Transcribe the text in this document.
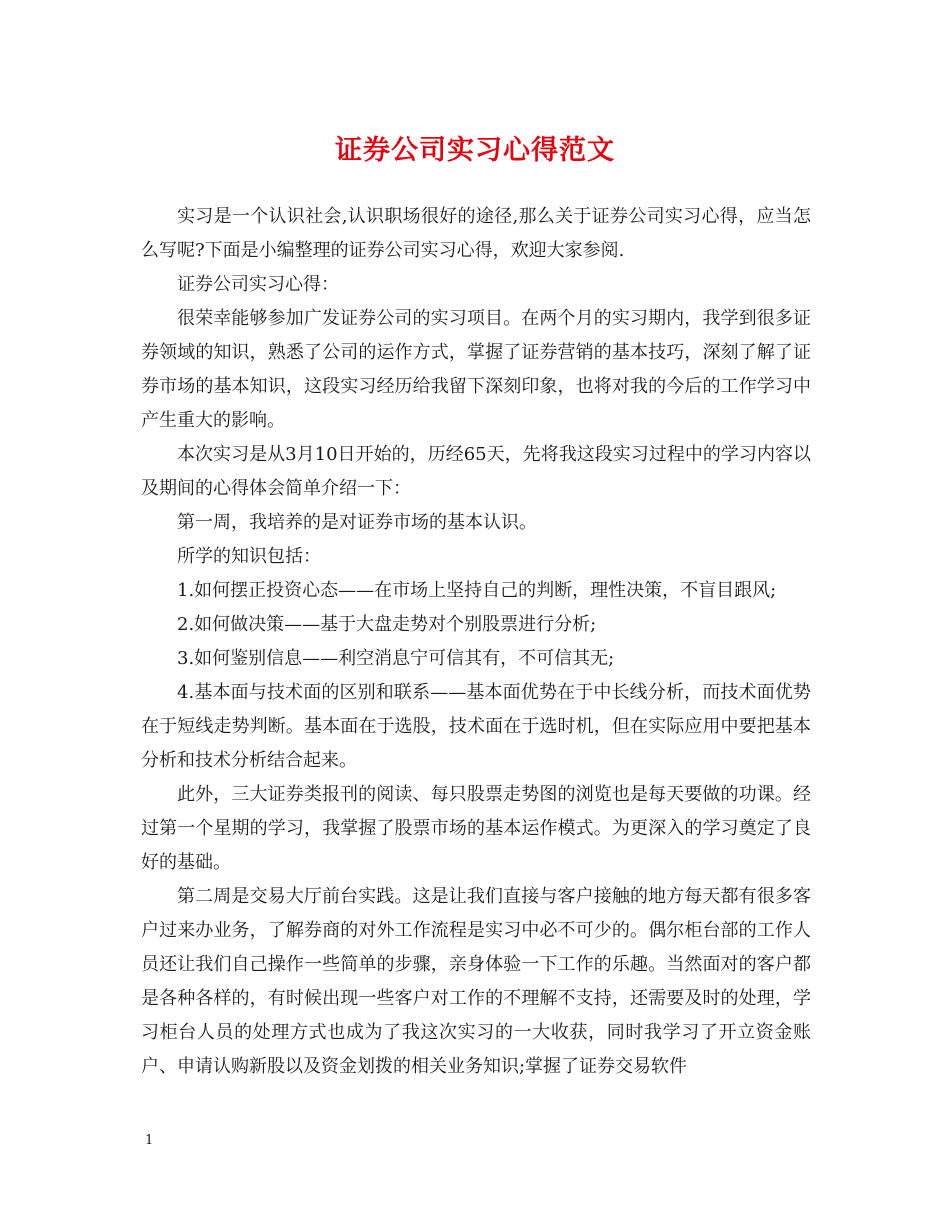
证券公司实习心得范文

实习是一个认识社会,认识职场很好的途径,那么关于证券公司实习心得，应当怎么写呢?下面是小编整理的证券公司实习心得，欢迎大家参阅.

证券公司实习心得：

很荣幸能够参加广发证券公司的实习项目。在两个月的实习期内，我学到很多证券领域的知识，熟悉了公司的运作方式，掌握了证券营销的基本技巧，深刻了解了证券市场的基本知识，这段实习经历给我留下深刻印象，也将对我的今后的工作学习中产生重大的影响。

本次实习是从3月10日开始的，历经65天，先将我这段实习过程中的学习内容以及期间的心得体会简单介绍一下：

第一周，我培养的是对证券市场的基本认识。

所学的知识包括：

1.如何摆正投资心态——在市场上坚持自己的判断，理性决策，不盲目跟风;

2.如何做决策——基于大盘走势对个别股票进行分析;

3.如何鉴别信息——利空消息宁可信其有，不可信其无;

4.基本面与技术面的区别和联系——基本面优势在于中长线分析，而技术面优势在于短线走势判断。基本面在于选股，技术面在于选时机，但在实际应用中要把基本分析和技术分析结合起来。

此外，三大证券类报刊的阅读、每只股票走势图的浏览也是每天要做的功课。经过第一个星期的学习，我掌握了股票市场的基本运作模式。为更深入的学习奠定了良好的基础。

第二周是交易大厅前台实践。这是让我们直接与客户接触的地方每天都有很多客户过来办业务，了解券商的对外工作流程是实习中必不可少的。偶尔柜台部的工作人员还让我们自己操作一些简单的步骤，亲身体验一下工作的乐趣。当然面对的客户都是各种各样的，有时候出现一些客户对工作的不理解不支持，还需要及时的处理，学习柜台人员的处理方式也成为了我这次实习的一大收获，同时我学习了开立资金账户、申请认购新股以及资金划拨的相关业务知识;掌握了证券交易软件

1
